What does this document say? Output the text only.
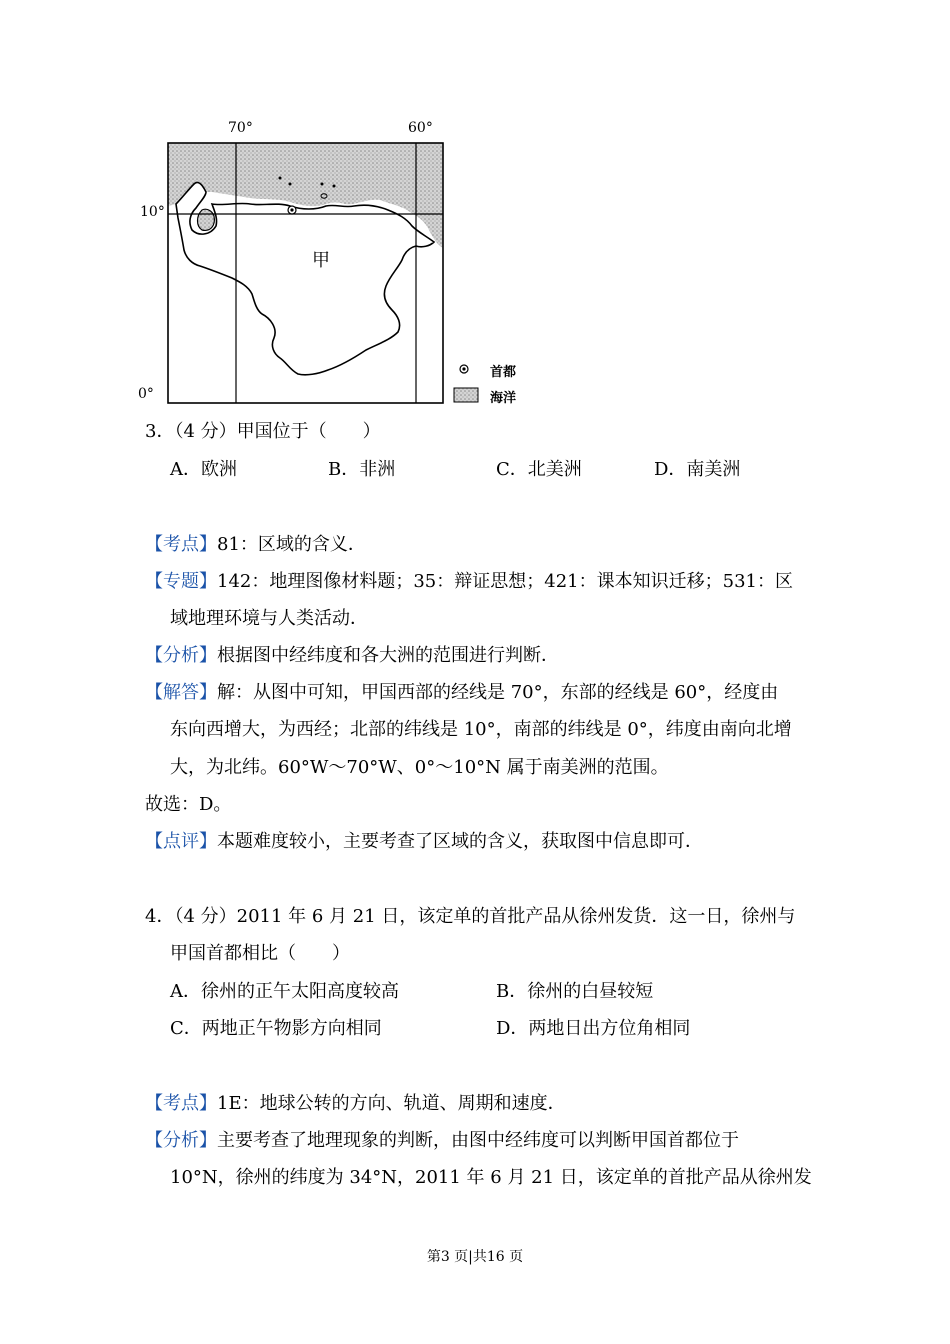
70°	60°
10°
0°
甲
首都
海洋
3．（4 分）甲国位于（　　）
A．欧洲	B．非洲	C．北美洲	D．南美洲
【考点】81：区域的含义．
【专题】142：地理图像材料题；35：辩证思想；421：课本知识迁移；531：区
域地理环境与人类活动．
【分析】根据图中经纬度和各大洲的范围进行判断．
【解答】解：从图中可知，甲国西部的经线是 70°，东部的经线是 60°，经度由
东向西增大，为西经；北部的纬线是 10°，南部的纬线是 0°，纬度由南向北增
大，为北纬。60°W～70°W、0°～10°N 属于南美洲的范围。
故选：D。
【点评】本题难度较小，主要考查了区域的含义，获取图中信息即可．
4．（4 分）2011 年 6 月 21 日，该定单的首批产品从徐州发货．这一日，徐州与
甲国首都相比（　　）
A．徐州的正午太阳高度较高	B．徐州的白昼较短
C．两地正午物影方向相同	D．两地日出方位角相同
【考点】1E：地球公转的方向、轨道、周期和速度．
【分析】主要考查了地理现象的判断，由图中经纬度可以判断甲国首都位于
10°N，徐州的纬度为 34°N，2011 年 6 月 21 日，该定单的首批产品从徐州发
第3 页|共16 页
